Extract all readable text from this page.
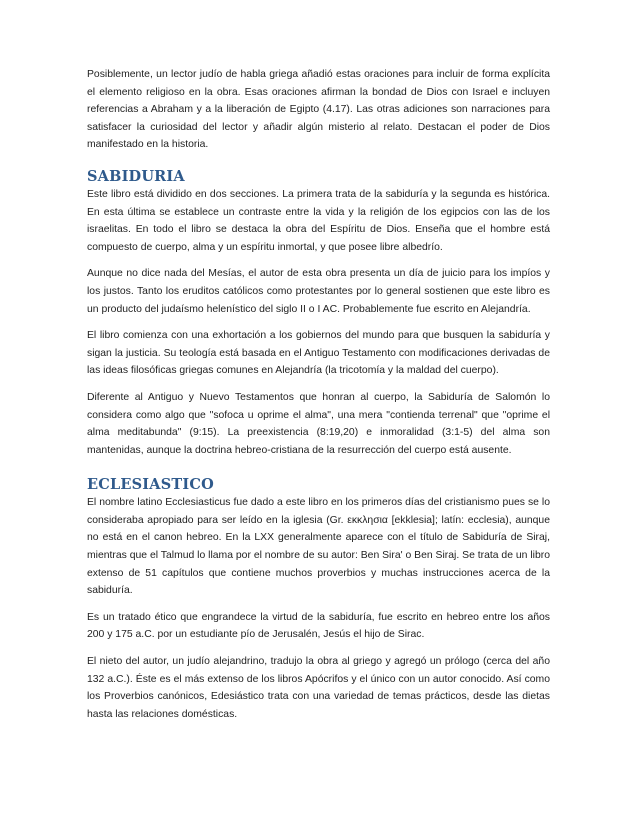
Posiblemente, un lector judío de habla griega añadió estas oraciones para incluir de forma explícita el elemento religioso en la obra. Esas oraciones afirman la bondad de Dios con Israel e incluyen referencias a Abraham y a la liberación de Egipto (4.17). Las otras adiciones son narraciones para satisfacer la curiosidad del lector y añadir algún misterio al relato. Destacan el poder de Dios manifestado en la historia.

SABIDURIA

Este libro está dividido en dos secciones. La primera trata de la sabiduría y la segunda es histórica. En esta última se establece un contraste entre la vida y la religión de los egipcios con las de los israelitas. En todo el libro se destaca la obra del Espíritu de Dios. Enseña que el hombre está compuesto de cuerpo, alma y un espíritu inmortal, y que posee libre albedrío.

Aunque no dice nada del Mesías, el autor de esta obra presenta un día de juicio para los impíos y los justos. Tanto los eruditos católicos como protestantes por lo general sostienen que este libro es un producto del judaísmo helenístico del siglo II o I AC. Probablemente fue escrito en Alejandría.

El libro comienza con una exhortación a los gobiernos del mundo para que busquen la sabiduría y sigan la justicia. Su teología está basada en el Antiguo Testamento con modificaciones derivadas de las ideas filosóficas griegas comunes en Alejandría (la tricotomía y la maldad del cuerpo).

Diferente al Antiguo y Nuevo Testamentos que honran al cuerpo, la Sabiduría de Salomón lo considera como algo que "sofoca u oprime el alma", una mera "contienda terrenal" que "oprime el alma meditabunda" (9:15). La preexistencia (8:19,20) e inmoralidad (3:1-5) del alma son mantenidas, aunque la doctrina hebreo-cristiana de la resurrección del cuerpo está ausente.

ECLESIASTICO

El nombre latino Ecclesiasticus fue dado a este libro en los primeros días del cristianismo pues se lo consideraba apropiado para ser leído en la iglesia (Gr. εκκλησια [ekklesia]; latín: ecclesia), aunque no está en el canon hebreo. En la LXX generalmente aparece con el título de Sabiduría de Siraj, mientras que el Talmud lo llama por el nombre de su autor: Ben Sira' o Ben Siraj. Se trata de un libro extenso de 51 capítulos que contiene muchos proverbios y muchas instrucciones acerca de la sabiduría.

Es un tratado ético que engrandece la virtud de la sabiduría, fue escrito en hebreo entre los años 200 y 175 a.C. por un estudiante pío de Jerusalén, Jesús el hijo de Sirac.

El nieto del autor, un judío alejandrino, tradujo la obra al griego y agregó un prólogo (cerca del año 132 a.C.). Éste es el más extenso de los libros Apócrifos y el único con un autor conocido. Así como los Proverbios canónicos, Edesiástico trata con una variedad de temas prácticos, desde las dietas hasta las relaciones domésticas.
